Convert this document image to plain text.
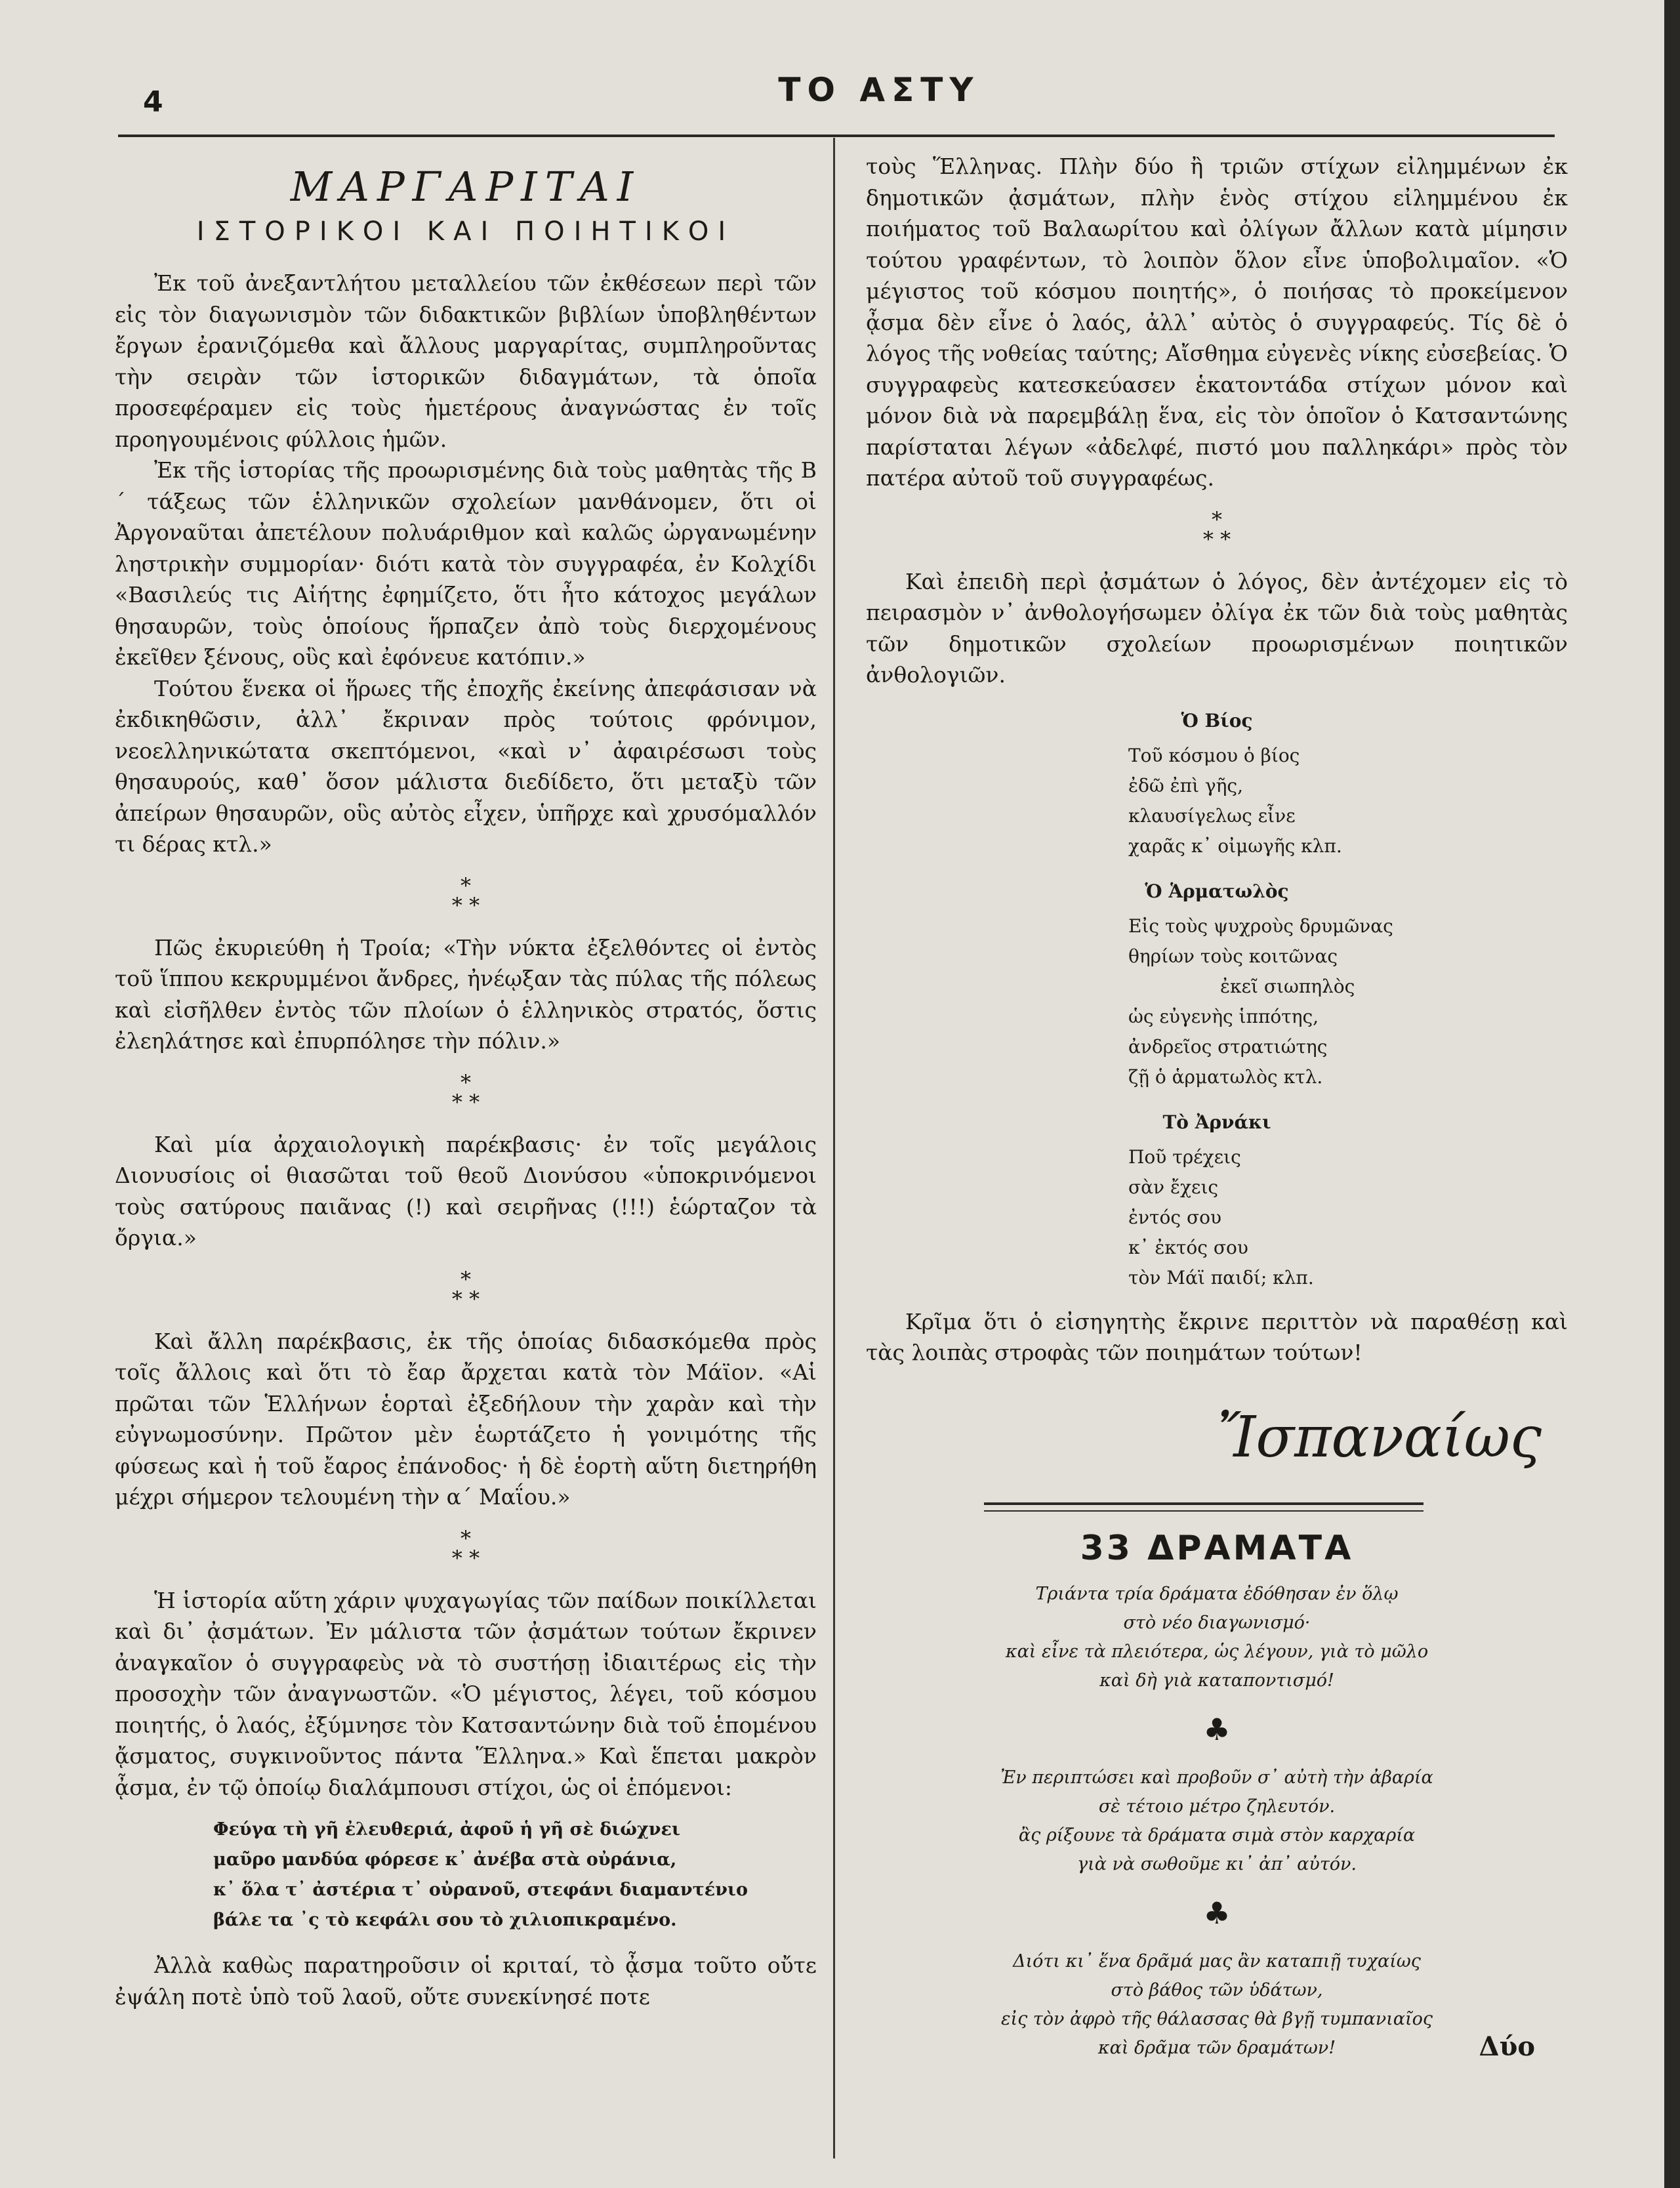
4	ΤΟ ΑΣΤΥ
ΜΑΡΓΑΡΙΤΑΙ
ΙΣΤΟΡΙΚΟΙ ΚΑΙ ΠΟΙΗΤΙΚΟΙ

Ἐκ τοῦ ἀνεξαντλήτου μεταλλείου τῶν ἐκθέσεων περὶ τῶν εἰς τὸν διαγωνισμὸν τῶν διδακτικῶν βιβλίων ὑποβληθέντων ἔργων ἐρανιζόμεθα καὶ ἄλλους μαργαρίτας, συμπληροῦντας τὴν σειρὰν τῶν ἱστορικῶν διδαγμάτων, τὰ ὁποῖα προσεφέραμεν εἰς τοὺς ἡμετέρους ἀναγνώστας ἐν τοῖς προηγουμένοις φύλλοις ἡμῶν.

Ἐκ τῆς ἱστορίας τῆς προωρισμένης διὰ τοὺς μαθητὰς τῆς Β´ τάξεως τῶν ἑλληνικῶν σχολείων μανθάνομεν, ὅτι οἱ Ἀργοναῦται ἀπετέλουν πολυάριθμον καὶ καλῶς ὠργανωμένην ληστρικὴν συμμορίαν· διότι κατὰ τὸν συγγραφέα, ἐν Κολχίδι «Βασιλεύς τις Αἰήτης ἐφημίζετο, ὅτι ἦτο κάτοχος μεγάλων θησαυρῶν, τοὺς ὁποίους ἥρπαζεν ἀπὸ τοὺς διερχομένους ἐκεῖθεν ξένους, οὓς καὶ ἐφόνευε κατόπιν.»

Τούτου ἕνεκα οἱ ἥρωες τῆς ἐποχῆς ἐκείνης ἀπεφάσισαν νὰ ἐκδικηθῶσιν, ἀλλ᾽ ἔκριναν πρὸς τούτοις φρόνιμον, νεοελληνικώτατα σκεπτόμενοι, «καὶ ν᾽ ἀφαιρέσωσι τοὺς θησαυρούς, καθ᾽ ὅσον μάλιστα διεδίδετο, ὅτι μεταξὺ τῶν ἀπείρων θησαυρῶν, οὓς αὐτὸς εἶχεν, ὑπῆρχε καὶ χρυσόμαλλόν τι δέρας κτλ.»

*
* *

Πῶς ἐκυριεύθη ἡ Τροία; «Τὴν νύκτα ἐξελθόντες οἱ ἐντὸς τοῦ ἵππου κεκρυμμένοι ἄνδρες, ἠνέῳξαν τὰς πύλας τῆς πόλεως καὶ εἰσῆλθεν ἐντὸς τῶν πλοίων ὁ ἑλληνικὸς στρατός, ὅστις ἐλεηλάτησε καὶ ἐπυρπόλησε τὴν πόλιν.»

*
* *

Καὶ μία ἀρχαιολογικὴ παρέκβασις· ἐν τοῖς μεγάλοις Διονυσίοις οἱ θιασῶται τοῦ θεοῦ Διονύσου «ὑποκρινόμενοι τοὺς σατύρους παιᾶνας (!) καὶ σειρῆνας (!!!) ἑώρταζον τὰ ὄργια.»

*
* *

Καὶ ἄλλη παρέκβασις, ἐκ τῆς ὁποίας διδασκόμεθα πρὸς τοῖς ἄλλοις καὶ ὅτι τὸ ἔαρ ἄρχεται κατὰ τὸν Μάϊον. «Αἱ πρῶται τῶν Ἑλλήνων ἑορταὶ ἐξεδήλουν τὴν χαρὰν καὶ τὴν εὐγνωμοσύνην. Πρῶτον μὲν ἑωρτάζετο ἡ γονιμότης τῆς φύσεως καὶ ἡ τοῦ ἔαρος ἐπάνοδος· ἡ δὲ ἑορτὴ αὕτη διετηρήθη μέχρι σήμερον τελουμένη τὴν α´ Μαΐου.»

*
* *

Ἡ ἱστορία αὕτη χάριν ψυχαγωγίας τῶν παίδων ποικίλλεται καὶ δι᾽ ᾀσμάτων. Ἐν μάλιστα τῶν ᾀσμάτων τούτων ἔκρινεν ἀναγκαῖον ὁ συγγραφεὺς νὰ τὸ συστήσῃ ἰδιαιτέρως εἰς τὴν προσοχὴν τῶν ἀναγνωστῶν. «Ὁ μέγιστος, λέγει, τοῦ κόσμου ποιητής, ὁ λαός, ἐξύμνησε τὸν Κατσαντώνην διὰ τοῦ ἑπομένου ᾄσματος, συγκινοῦντος πάντα Ἕλληνα.» Καὶ ἕπεται μακρὸν ᾆσμα, ἐν τῷ ὁποίῳ διαλάμπουσι στίχοι, ὡς οἱ ἑπόμενοι:

Φεύγα τὴ γῆ ἐλευθεριά, ἀφοῦ ἡ γῆ σὲ διώχνει
μαῦρο μανδύα φόρεσε κ᾽ ἀνέβα στὰ οὐράνια,
κ᾽ ὅλα τ᾽ ἀστέρια τ᾽ οὐρανοῦ, στεφάνι διαμαντένιο
βάλε τα ᾽ς τὸ κεφάλι σου τὸ χιλιοπικραμένο.

Ἀλλὰ καθὼς παρατηροῦσιν οἱ κριταί, τὸ ᾆσμα τοῦτο οὔτε ἐψάλη ποτὲ ὑπὸ τοῦ λαοῦ, οὔτε συνεκίνησέ ποτε

τοὺς Ἕλληνας. Πλὴν δύο ἢ τριῶν στίχων εἰλημμένων ἐκ δημοτικῶν ᾀσμάτων, πλὴν ἑνὸς στίχου εἰλημμένου ἐκ ποιήματος τοῦ Βαλαωρίτου καὶ ὀλίγων ἄλλων κατὰ μίμησιν τούτου γραφέντων, τὸ λοιπὸν ὅλον εἶνε ὑποβολιμαῖον. «Ὁ μέγιστος τοῦ κόσμου ποιητής», ὁ ποιήσας τὸ προκείμενον ᾆσμα δὲν εἶνε ὁ λαός, ἀλλ᾽ αὐτὸς ὁ συγγραφεύς. Τίς δὲ ὁ λόγος τῆς νοθείας ταύτης; Αἴσθημα εὐγενὲς νίκης εὐσεβείας. Ὁ συγγραφεὺς κατεσκεύασεν ἑκατοντάδα στίχων μόνον καὶ μόνον διὰ νὰ παρεμβάλῃ ἕνα, εἰς τὸν ὁποῖον ὁ Κατσαντώνης παρίσταται λέγων «ἀδελφέ, πιστό μου παλληκάρι» πρὸς τὸν πατέρα αὐτοῦ τοῦ συγγραφέως.

*
* *

Καὶ ἐπειδὴ περὶ ᾀσμάτων ὁ λόγος, δὲν ἀντέχομεν εἰς τὸ πειρασμὸν ν᾽ ἀνθολογήσωμεν ὀλίγα ἐκ τῶν διὰ τοὺς μαθητὰς τῶν δημοτικῶν σχολείων προωρισμένων ποιητικῶν ἀνθολογιῶν.

Ὁ Βίος
Τοῦ κόσμου ὁ βίος
ἐδῶ ἐπὶ γῆς,
κλαυσίγελως εἶνε
χαρᾶς κ᾽ οἰμωγῆς κλπ.
Ὁ Ἁρματωλὸς
Εἰς τοὺς ψυχροὺς δρυμῶνας
θηρίων τοὺς κοιτῶνας
ἐκεῖ σιωπηλὸς
ὡς εὐγενὴς ἱππότης,
ἀνδρεῖος στρατιώτης
ζῇ ὁ ἁρματωλὸς κτλ.
Τὸ Ἀρνάκι
Ποῦ τρέχεις
σὰν ἔχεις
ἐντός σου
κ᾽ ἐκτός σου
τὸν Μάϊ παιδί; κλπ.

Κρῖμα ὅτι ὁ εἰσηγητὴς ἔκρινε περιττὸν νὰ παραθέσῃ καὶ τὰς λοιπὰς στροφὰς τῶν ποιημάτων τούτων!

Ἴσπαναίως
33 ΔΡΑΜΑΤΑ
Τριάντα τρία δράματα ἐδόθησαν ἐν ὅλῳ
στὸ νέο διαγωνισμό·
καὶ εἶνε τὰ πλειότερα, ὡς λέγουν, γιὰ τὸ μῶλο
καὶ δὴ γιὰ καταποντισμό!
♣
Ἐν περιπτώσει καὶ προβοῦν σ᾽ αὐτὴ τὴν ἀβαρία
σὲ τέτοιο μέτρο ζηλευτόν.
ἂς ρίξουνε τὰ δράματα σιμὰ στὸν καρχαρία
γιὰ νὰ σωθοῦμε κι᾽ ἀπ᾽ αὐτόν.
♣
Διότι κι᾽ ἕνα δρᾶμά μας ἂν καταπιῇ τυχαίως
στὸ βάθος τῶν ὑδάτων,
εἰς τὸν ἀφρὸ τῆς θάλασσας θὰ βγῇ τυμπανιαῖος
καὶ δρᾶμα τῶν δραμάτων!	Δύο
